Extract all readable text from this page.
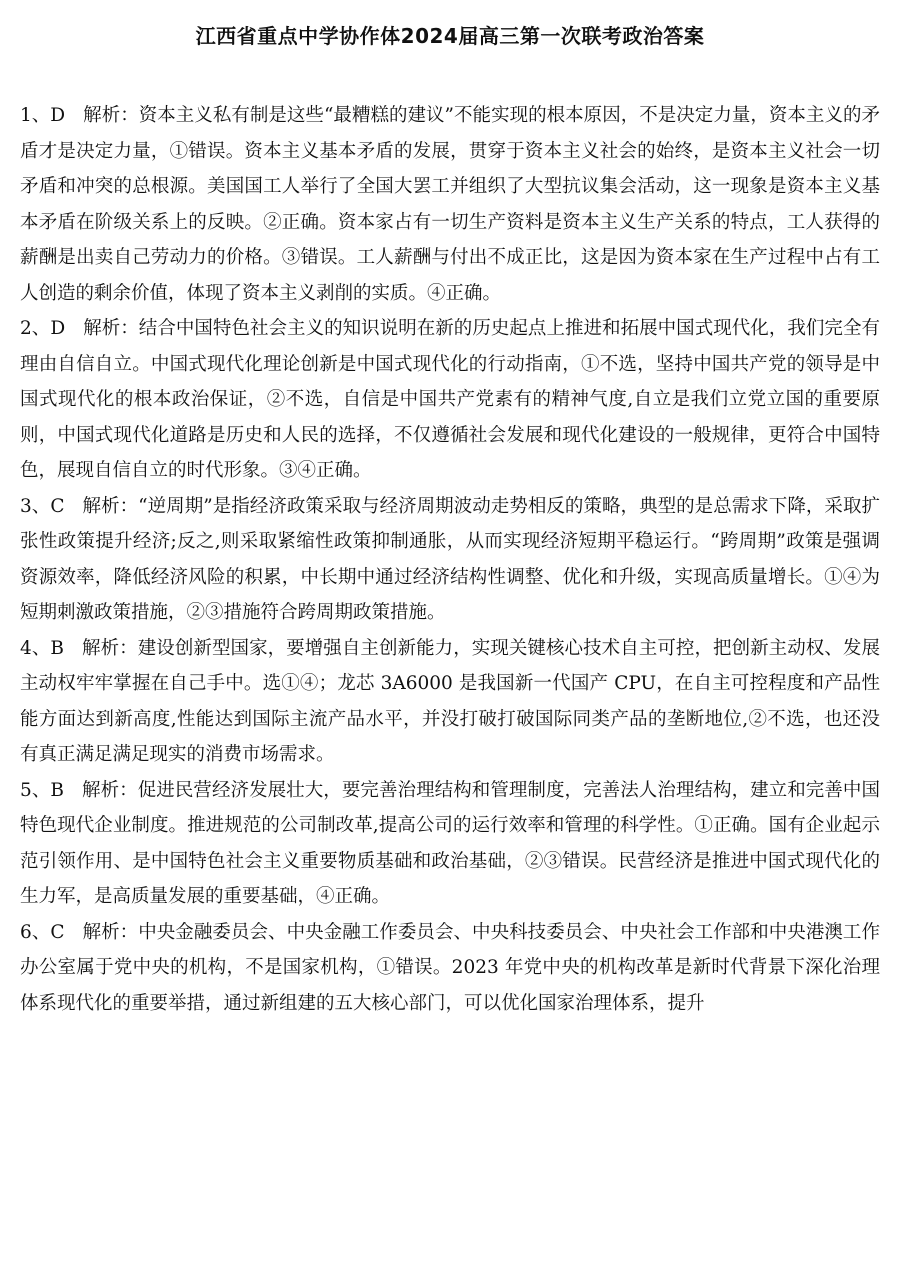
江西省重点中学协作体2024届高三第一次联考政治答案

1、D 解析：资本主义私有制是这些“最糟糕的建议”不能实现的根本原因，不是决定力量，资本主义的矛盾才是决定力量，①错误。资本主义基本矛盾的发展，贯穿于资本主义社会的始终，是资本主义社会一切矛盾和冲突的总根源。美国国工人举行了全国大罢工并组织了大型抗议集会活动，这一现象是资本主义基本矛盾在阶级关系上的反映。②正确。资本家占有一切生产资料是资本主义生产关系的特点，工人获得的薪酬是出卖自己劳动力的价格。③错误。工人薪酬与付出不成正比，这是因为资本家在生产过程中占有工人创造的剩余价值，体现了资本主义剥削的实质。④正确。

2、D 解析：结合中国特色社会主义的知识说明在新的历史起点上推进和拓展中国式现代化，我们完全有理由自信自立。中国式现代化理论创新是中国式现代化的行动指南，①不选，坚持中国共产党的领导是中国式现代化的根本政治保证，②不选，自信是中国共产党素有的精神气度,自立是我们立党立国的重要原则，中国式现代化道路是历史和人民的选择，不仅遵循社会发展和现代化建设的一般规律，更符合中国特色，展现自信自立的时代形象。③④正确。

3、C 解析：“逆周期”是指经济政策采取与经济周期波动走势相反的策略，典型的是总需求下降，采取扩张性政策提升经济;反之,则采取紧缩性政策抑制通胀，从而实现经济短期平稳运行。“跨周期”政策是强调资源效率，降低经济风险的积累，中长期中通过经济结构性调整、优化和升级，实现高质量增长。①④为短期刺激政策措施，②③措施符合跨周期政策措施。

4、B 解析：建设创新型国家，要增强自主创新能力，实现关键核心技术自主可控，把创新主动权、发展主动权牢牢掌握在自己手中。选①④；龙芯 3A6000 是我国新一代国产 CPU，在自主可控程度和产品性能方面达到新高度,性能达到国际主流产品水平，并没打破打破国际同类产品的垄断地位,②不选，也还没有真正满足满足现实的消费市场需求。

5、B 解析：促进民营经济发展壮大，要完善治理结构和管理制度，完善法人治理结构，建立和完善中国特色现代企业制度。推进规范的公司制改革,提高公司的运行效率和管理的科学性。①正确。国有企业起示范引领作用、是中国特色社会主义重要物质基础和政治基础，②③错误。民营经济是推进中国式现代化的生力军，是高质量发展的重要基础，④正确。

6、C 解析：中央金融委员会、中央金融工作委员会、中央科技委员会、中央社会工作部和中央港澳工作办公室属于党中央的机构，不是国家机构，①错误。2023 年党中央的机构改革是新时代背景下深化治理体系现代化的重要举措，通过新组建的五大核心部门，可以优化国家治理体系，提升
